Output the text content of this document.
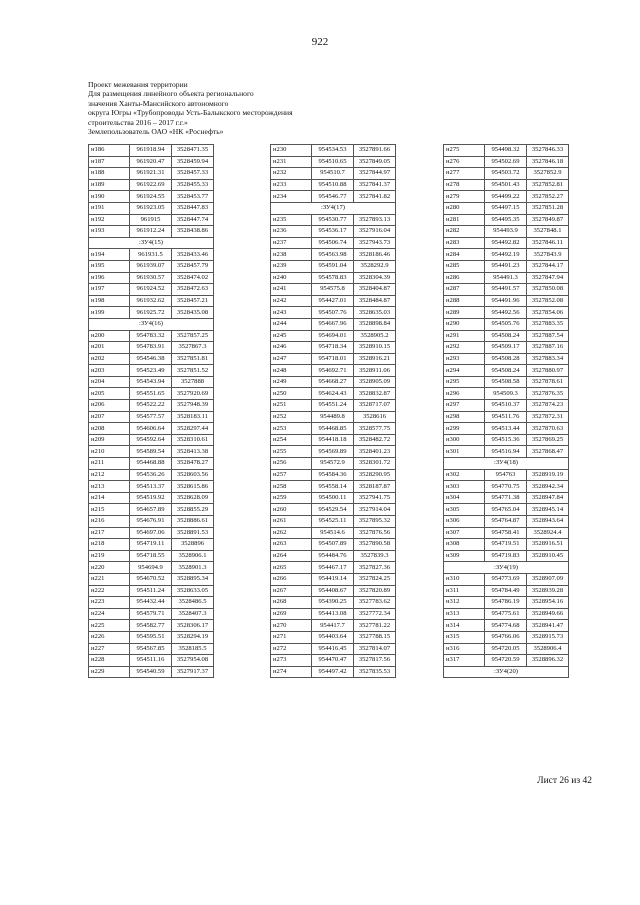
922
Проект межевания территории
Для размещения линейного объекта регионального
значения Ханты-Мансийского автономного
округа Югры «Трубопроводы Усть-Балыкского месторождения
строительства 2016 – 2017 г.г.»
Землепользователь ОАО «НК «Роснефть»
н186	961918.94	3528471.35
н187	961920.47	3528459.94
н188	961921.31	3528457.33
н189	961922.69	3528455.33
н190	961924.55	3528453.77
н191	961923.05	3528447.83
н192	961915	3528447.74
н193	961912.24	3528438.86
:ЗУ4(15)		
н194	961931.5	3528433.46
н195	961939.07	3528457.79
н196	961930.57	3528474.02
н197	961924.52	3528472.63
н198	961932.62	3528457.21
н199	961925.72	3528435.08
:ЗУ4(16)		
н200	954783.32	3527857.25
н201	954783.91	3527867.3
н202	954546.38	3527851.81
н203	954523.49	3527851.52
н204	954543.94	3527888
н205	954551.65	3527920.69
н206	954522.22	3527948.39
н207	954577.57	3528183.11
н208	954606.64	3528297.44
н209	954592.64	3528310.61
н210	954589.54	3528413.38
н211	954468.88	3528478.27
н212	954536.26	3528603.56
н213	954513.37	3528615.86
н214	954519.92	3528628.09
н215	954657.89	3528855.29
н216	954676.91	3528886.61
н217	954697.06	3528891.53
н218	954719.11	3528896
н219	954718.55	3528906.1
н220	954694.9	3528901.3
н221	954670.52	3528895.34
н222	954511.24	3528633.05
н223	954432.44	3528486.5
н224	954579.71	3528407.3
н225	954582.77	3528306.17
н226	954595.51	3528294.19
н227	954567.85	3528185.5
н228	954511.16	3527954.08
н229	954540.59	3527917.37
н230	954534.53	3527891.66
н231	954510.65	3527849.05
н232	954510.7	3527844.97
н233	954510.88	3527841.37
н234	954546.77	3527841.82
:ЗУ4(17)		
н235	954530.77	3527893.13
н236	954536.17	3527916.04
н237	954506.74	3527943.73
н238	954563.98	3528186.46
н239	954591.04	3528292.9
н240	954578.83	3528304.39
н241	954575.8	3528404.87
н242	954427.01	3528484.87
н243	954507.76	3528635.03
н244	954667.96	3528898.84
н245	954694.01	3528905.2
н246	954718.34	3528910.15
н247	954718.01	3528916.21
н248	954692.71	3528911.06
н249	954668.27	3528905.09
н250	954624.43	3528832.87
н251	954551.24	3528717.07
н252	954489.8	3528616
н253	954468.85	3528577.75
н254	954418.18	3528482.72
н255	954569.89	3528401.23
н256	954572.9	3528301.72
н257	954584.36	3528290.95
н258	954558.14	3528187.87
н259	954500.11	3527941.75
н260	954529.54	3527914.04
н261	954525.11	3527895.32
н262	954514.6	3527876.56
н263	954507.89	3527890.58
н264	954484.76	3527839.3
н265	954467.17	3527827.36
н266	954419.14	3527824.25
н267	954408.67	3527820.89
н268	954390.25	3527783.62
н269	954413.08	3527772.34
н270	954417.7	3527781.22
н271	954403.64	3527788.15
н272	954416.45	3527814.07
н273	954470.47	3527817.56
н274	954497.42	3527835.53
н275	954498.32	3527846.33
н276	954502.69	3527846.18
н277	954503.72	3527852.9
н278	954501.43	3527852.81
н279	954499.22	3527852.27
н280	954497.15	3527851.28
н281	954495.35	3527849.87
н282	954493.9	3527848.1
н283	954492.82	3527846.11
н284	954492.19	3527843.9
н285	954491.23	3527844.17
н286	954491.3	3527847.94
н287	954491.57	3527850.08
н288	954491.96	3527852.08
н289	954492.56	3527854.06
н290	954505.76	3527883.35
н291	954508.24	3527887.54
н292	954509.17	3527887.16
н293	954508.28	3527883.34
н294	954508.24	3527880.97
н295	954508.58	3527878.61
н296	954509.3	3527876.35
н297	954510.37	3527874.23
н298	954511.76	3527872.31
н299	954513.44	3527870.63
н300	954515.36	3527869.25
н301	954516.94	3527868.47
:ЗУ4(18)		
н302	954763	3528919.19
н303	954770.75	3528942.34
н304	954771.38	3528947.84
н305	954765.04	3528945.14
н306	954764.87	3528943.64
н307	954758.41	3528924.4
н308	954719.51	3528916.51
н309	954719.83	3528910.45
:ЗУ4(19)		
н310	954773.69	3528907.09
н311	954784.49	3528939.28
н312	954786.19	3528954.16
н313	954775.61	3528949.66
н314	954774.68	3528941.47
н315	954766.06	3528915.73
н316	954720.05	3528906.4
н317	954720.59	3528896.32
:ЗУ4(20)		
Лист 26 из 42
